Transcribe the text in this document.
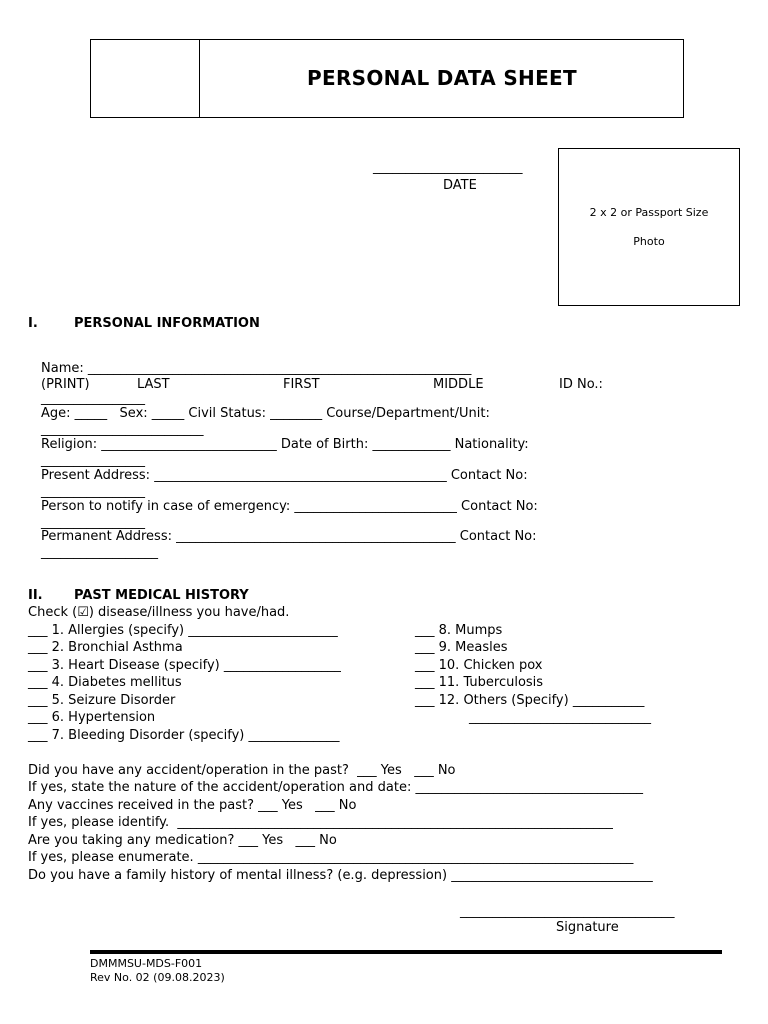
PERSONAL DATA SHEET
_______________________
DATE
2 x 2 or Passport Size
Photo
I.	PERSONAL INFORMATION
Name: ___________________________________________________________
(PRINT)	LAST	FIRST	MIDDLE	ID No.:
________________
Age: _____   Sex: _____ Civil Status: ________ Course/Department/Unit:
_________________________
Religion: ___________________________ Date of Birth: ____________ Nationality:
________________
Present Address: _____________________________________________ Contact No:
________________
Person to notify in case of emergency: _________________________ Contact No:
________________
Permanent Address: ___________________________________________ Contact No:
__________________
II. PAST MEDICAL HISTORY
Check (☑) disease/illness you have/had.
___ 1. Allergies (specify) _______________________
___ 2. Bronchial Asthma
___ 3. Heart Disease (specify) __________________
___ 4. Diabetes mellitus
___ 5. Seizure Disorder
___ 6. Hypertension
___ 7. Bleeding Disorder (specify) ______________
___ 8. Mumps
___ 9. Measles
___ 10. Chicken pox
___ 11. Tuberculosis
___ 12. Others (Specify) ___________
____________________________
Did you have any accident/operation in the past?  ___ Yes   ___ No
If yes, state the nature of the accident/operation and date: ___________________________________
Any vaccines received in the past? ___ Yes   ___ No
If yes, please identify.  ___________________________________________________________________
Are you taking any medication? ___ Yes   ___ No
If yes, please enumerate. ___________________________________________________________________
Do you have a family history of mental illness? (e.g. depression) _______________________________
_________________________________
Signature
DMMMSU-MDS-F001
Rev No. 02 (09.08.2023)
